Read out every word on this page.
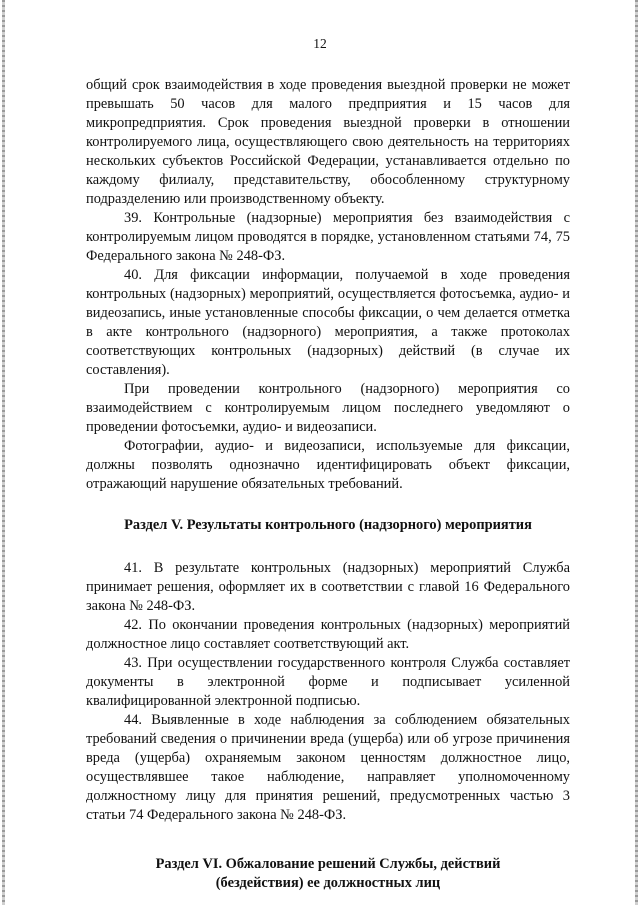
12

общий срок взаимодействия в ходе проведения выездной проверки не может превышать 50 часов для малого предприятия и 15 часов для микропредприятия. Срок проведения выездной проверки в отношении контролируемого лица, осуществляющего свою деятельность на территориях нескольких субъектов Российской Федерации, устанавливается отдельно по каждому филиалу, представительству, обособленному структурному подразделению или производственному объекту.

39. Контрольные (надзорные) мероприятия без взаимодействия с контролируемым лицом проводятся в порядке, установленном статьями 74, 75 Федерального закона № 248-ФЗ.

40. Для фиксации информации, получаемой в ходе проведения контрольных (надзорных) мероприятий, осуществляется фотосъемка, аудио- и видеозапись, иные установленные способы фиксации, о чем делается отметка в акте контрольного (надзорного) мероприятия, а также протоколах соответствующих контрольных (надзорных) действий (в случае их составления).

При проведении контрольного (надзорного) мероприятия со взаимодействием с контролируемым лицом последнего уведомляют о проведении фотосъемки, аудио- и видеозаписи.

Фотографии, аудио- и видеозаписи, используемые для фиксации, должны позволять однозначно идентифицировать объект фиксации, отражающий нарушение обязательных требований.

Раздел V. Результаты контрольного (надзорного) мероприятия

41. В результате контрольных (надзорных) мероприятий Служба принимает решения, оформляет их в соответствии с главой 16 Федерального закона № 248-ФЗ.

42. По окончании проведения контрольных (надзорных) мероприятий должностное лицо составляет соответствующий акт.

43. При осуществлении государственного контроля Служба составляет документы в электронной форме и подписывает усиленной квалифицированной электронной подписью.

44. Выявленные в ходе наблюдения за соблюдением обязательных требований сведения о причинении вреда (ущерба) или об угрозе причинения вреда (ущерба) охраняемым законом ценностям должностное лицо, осуществлявшее такое наблюдение, направляет уполномоченному должностному лицу для принятия решений, предусмотренных частью 3 статьи 74 Федерального закона № 248-ФЗ.

Раздел VI. Обжалование решений Службы, действий
(бездействия) ее должностных лиц
